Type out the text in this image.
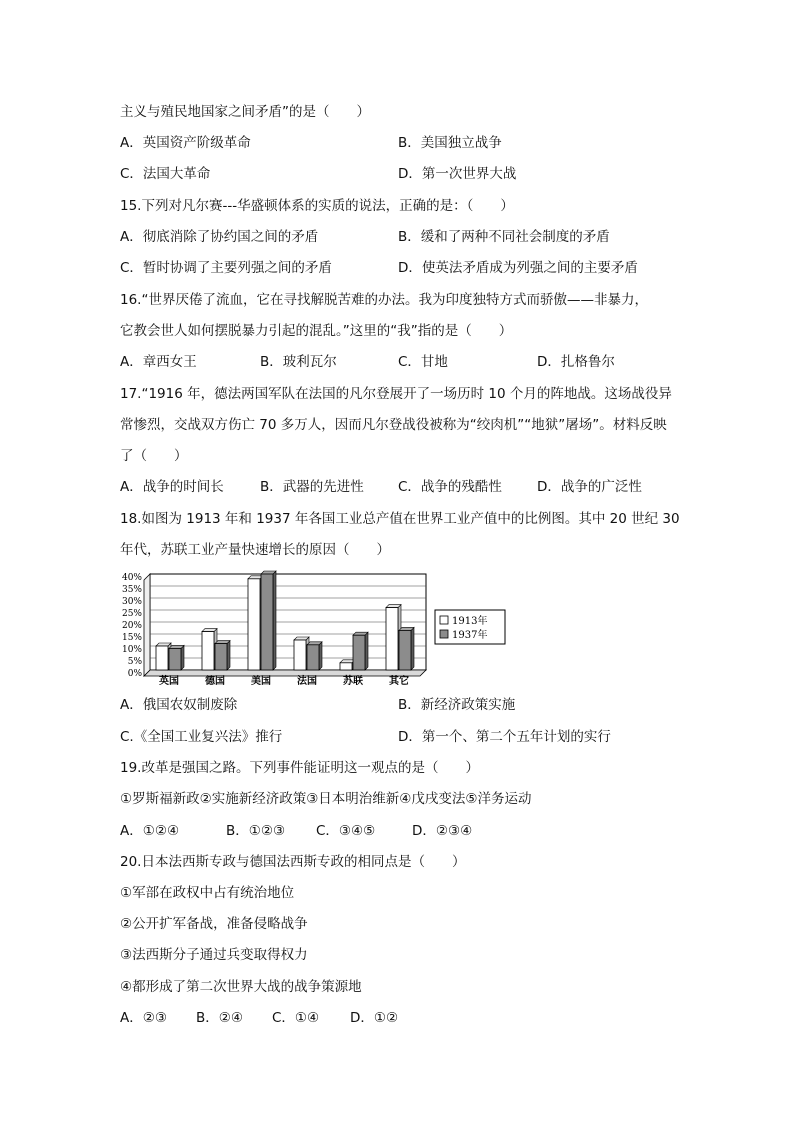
主义与殖民地国家之间矛盾”的是（　　）
A．英国资产阶级革命	B．美国独立战争
C．法国大革命	D．第一次世界大战
15.下列对凡尔赛---华盛顿体系的实质的说法，正确的是：（　　）
A．彻底消除了协约国之间的矛盾	B．缓和了两种不同社会制度的矛盾
C．暂时协调了主要列强之间的矛盾	D．使英法矛盾成为列强之间的主要矛盾
16.“世界厌倦了流血，它在寻找解脱苦难的办法。我为印度独特方式而骄傲——非暴力，
它教会世人如何摆脱暴力引起的混乱。”这里的“我”指的是（　　）
A．章西女王	B．玻利瓦尔	C．甘地	D．扎格鲁尔
17.“1916 年，德法两国军队在法国的凡尔登展开了一场历时 10 个月的阵地战。这场战役异
常惨烈，交战双方伤亡 70 多万人，因而凡尔登战役被称为“绞肉机”“地狱”屠场”。材料反映
了（　　）
A．战争的时间长	B．武器的先进性	C．战争的残酷性	D．战争的广泛性
18.如图为 1913 年和 1937 年各国工业总产值在世界工业产值中的比例图。其中 20 世纪 30
年代，苏联工业产量快速增长的原因（　　）
0%
5%
10%
15%
20%
25%
30%
35%
40%
英国	德国	美国	法国	苏联	其它
1913年
1937年
A．俄国农奴制废除	B．新经济政策实施
C.《全国工业复兴法》推行	D．第一个、第二个五年计划的实行
19.改革是强国之路。下列事件能证明这一观点的是（　　）
①罗斯福新政②实施新经济政策③日本明治维新④戊戌变法⑤洋务运动
A．①②④	B．①②③ C．③④⑤	D．②③④
20.日本法西斯专政与德国法西斯专政的相同点是（　　）
①军部在政权中占有统治地位
②公开扩军备战，准备侵略战争
③法西斯分子通过兵变取得权力
④都形成了第二次世界大战的战争策源地
A．②③ B．②④ C．①④ D．①②
